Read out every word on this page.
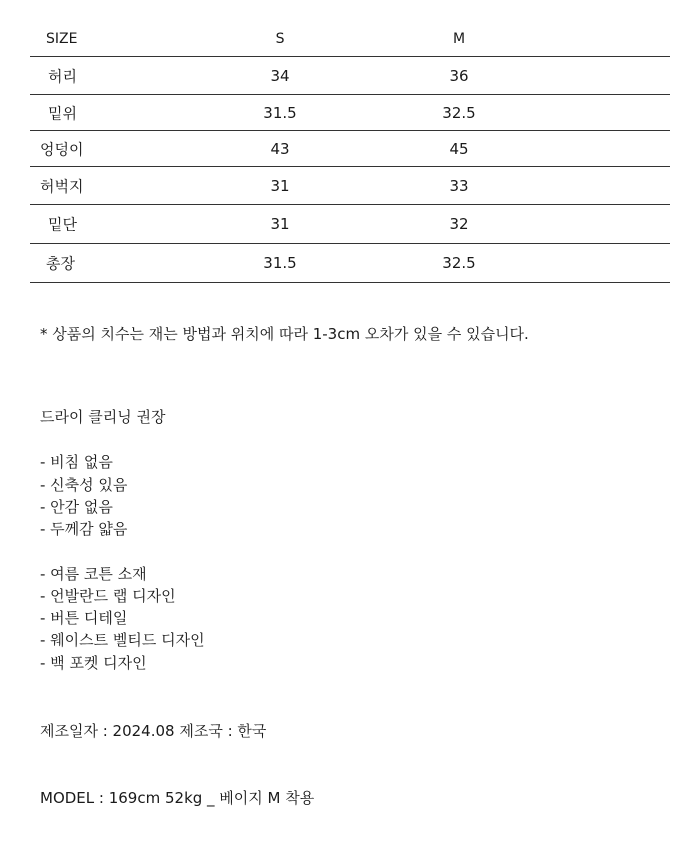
SIZE	S	M
허리	34	36
밑위	31.5	32.5
엉덩이	43	45
허벅지	31	33
밑단	31	32
총장	31.5	32.5
* 상품의 치수는 재는 방법과 위치에 따라 1-3cm 오차가 있을 수 있습니다.
드라이 클리닝 권장
- 비침 없음
- 신축성 있음
- 안감 없음
- 두께감 얇음
- 여름 코튼 소재
- 언발란드 랩 디자인
- 버튼 디테일
- 웨이스트 벨티드 디자인
- 백 포켓 디자인
제조일자 : 2024.08 제조국 : 한국
MODEL : 169cm 52kg _ 베이지 M 착용
